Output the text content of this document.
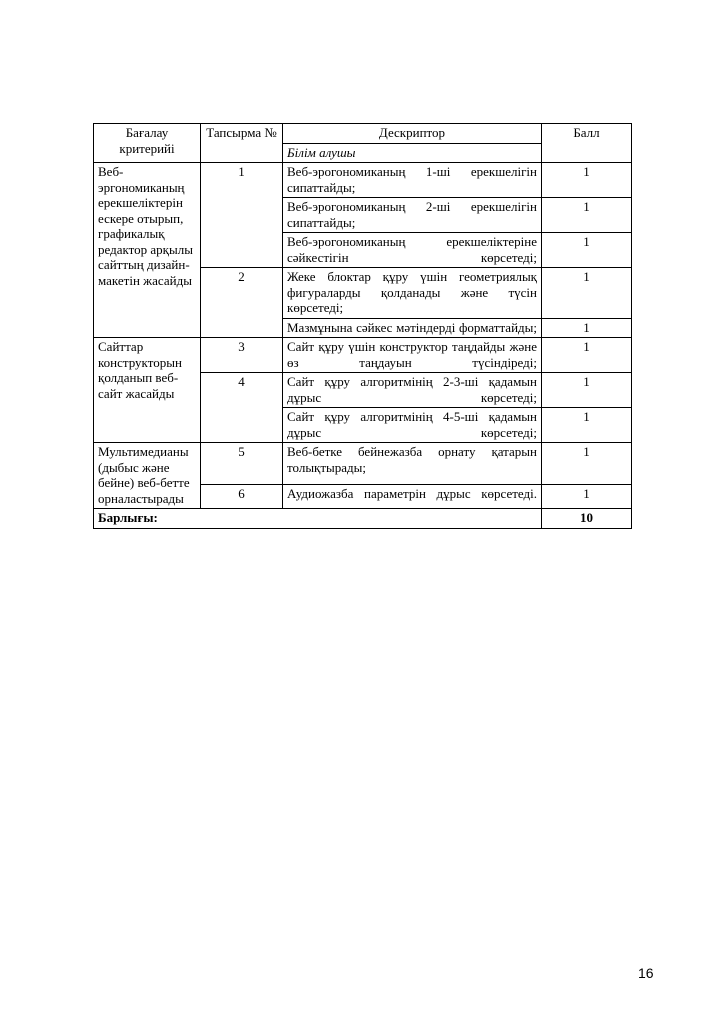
Бағалау критерийі	Тапсырма №	Дескриптор	Балл
		Білім алушы	
Веб-эргономиканың ерекшеліктерін ескере отырып, графикалық редактор арқылы сайттың дизайн-макетін жасайды	1	Веб-эрогономиканың 1-ші ерекшелігін сипаттайды;	1

		Веб-эрогономиканың 2-ші ерекшелігін сипаттайды;	1

		Веб-эрогономиканың ерекшеліктеріне сәйкестігін көрсетеді;	1
	2	Жеке блоктар құру үшін геометриялық фигураларды қолданады және түсін көрсетеді;	1

		Мазмұнына сәйкес мәтіндерді форматтайды;	1
Сайттар конструкторын қолданып веб-сайт жасайды	3	Сайт құру үшін конструктор таңдайды және өз таңдауын түсіндіреді;	1
	4	Сайт құру алгоритмінің 2-3-ші қадамын дұрыс көрсетеді;	1

		Сайт құру алгоритмінің 4-5-ші қадамын дұрыс көрсетеді;	1
Мультимедианы (дыбыс және бейне) веб-бетте орналастырады	5	Веб-бетке бейнежазба орнату қатарын толықтырады;	1
	6	Аудиожазба параметрін дұрыс көрсетеді.	1
Барлығы:			10
16
